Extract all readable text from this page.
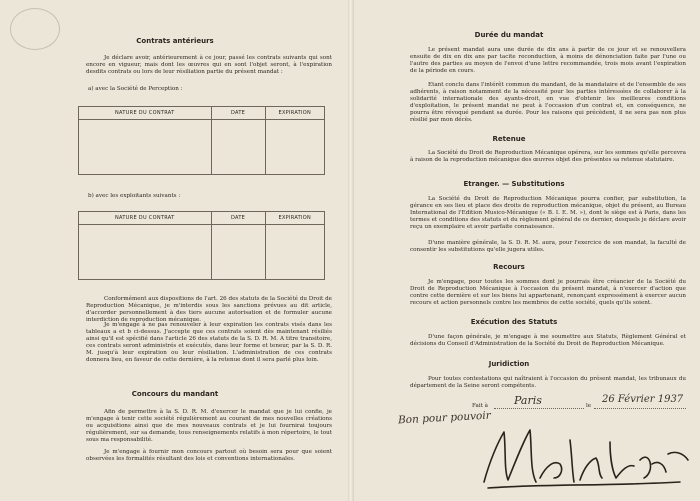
Contrats antérieurs
Je déclare avoir, antérieurement à ce jour, passé les contrats suivants qui sont encore en vigueur, mais dont les œuvres qui en sont l'objet seront, à l'expiration desdits contrats ou lors de leur résiliation partie du présent mandat :
a) avec la Société de Perception :
NATURE DU CONTRAT	DATE	EXPIRATION

b) avec les exploitants suivants :
NATURE DU CONTRAT	DATE	EXPIRATION

Conformément aux dispositions de l'art. 26 des statuts de la Société du Droit de Reproduction Mécanique, je m'interdis sous les sanctions prévues au dit article, d'accorder personnellement à des tiers aucune autorisation et de formuler aucune interdiction de reproduction mécanique.
Je m'engage à ne pas renouveler à leur expiration les contrats visés dans les tableaux a et b ci-dessus. J'accepte que ces contrats soient dès maintenant résiliés ainsi qu'il est spécifié dans l'article 26 des statuts de la S. D. R. M. A titre transitoire, ces contrats seront administrés et exécutés, dans leur forme et teneur, par la S. D. R. M. jusqu'à leur expiration ou leur résiliation. L'administration de ces contrats donnera lieu, en faveur de cette dernière, à la retenue dont il sera parlé plus loin.
Concours du mandant
Afin de permettre à la S. D. R. M. d'exercer le mandat que je lui confie, je m'engage à tenir cette société régulièrement au courant de mes nouvelles créations ou acquisitions ainsi que de mes nouveaux contrats et je lui fournirai toujours régulièrement, sur sa demande, tous renseignements relatifs à mon répertoire, le tout sous ma responsabilité.
Je m'engage à fournir mon concours partout où besoin sera pour que soient observées les formalités résultant des lois et conventions internationales.
Durée du mandat
Le présent mandat aura une durée de dix ans à partir de ce jour et se renouvellera ensuite de dix en dix ans par tacite reconduction, à moins de dénonciation faite par l'une ou l'autre des parties au moyen de l'envoi d'une lettre recommandée, trois mois avant l'expiration de la période en cours.
Etant conclu dans l'intérêt commun du mandant, de la mandataire et de l'ensemble de ses adhérents, à raison notamment de la nécessité pour les parties intéressées de collaborer à la solidarité internationale des ayants-droit, en vue d'obtenir les meilleures conditions d'exploitation, le présent mandat ne peut à l'occasion d'un contrat et, en conséquence, ne pourra être révoqué pendant sa durée. Pour les raisons qui précèdent, il ne sera pas non plus résilié par mon décès.
Retenue
La Société du Droit de Reproduction Mécanique opérera, sur les sommes qu'elle percevra à raison de la reproduction mécanique des œuvres objet des présentes sa retenue statutaire.
Etranger. — Substitutions
La Société du Droit de Reproduction Mécanique pourra confier, par substitution, la gérance en ses lieu et place des droits de reproduction mécanique, objet du présent, au Bureau International de l'Edition Musico-Mécanique (« B. I. E. M. »), dont le siège est à Paris, dans les termes et conditions des statuts et du règlement général de ce dernier, desquels je déclare avoir reçu un exemplaire et avoir parfaite connaissance.
D'une manière générale, la S. D. R. M. aura, pour l'exercice de son mandat, la faculté de consentir les substitutions qu'elle jugera utiles.
Recours
Je m'engage, pour toutes les sommes dont je pourrais être créancier de la Société du Droit de Reproduction Mécanique à l'occasion du présent mandat, à n'exercer d'action que contre cette dernière et sur les biens lui appartenant, renonçant expressément à exercer aucun recours et action personnels contre les membres de cette société, quels qu'ils soient.
Exécution des Statuts
D'une façon générale, je m'engage à me soumettre aux Statuts, Règlement Général et décisions du Conseil d'Administration de la Société du Droit de Reproduction Mécanique.
Juridiction
Pour toutes contestations qui naîtraient à l'occasion du présent mandat, les tribunaux du département de la Seine seront compétents.
Fait à	Paris	le
26 Février 1937
Bon pour pouvoir
